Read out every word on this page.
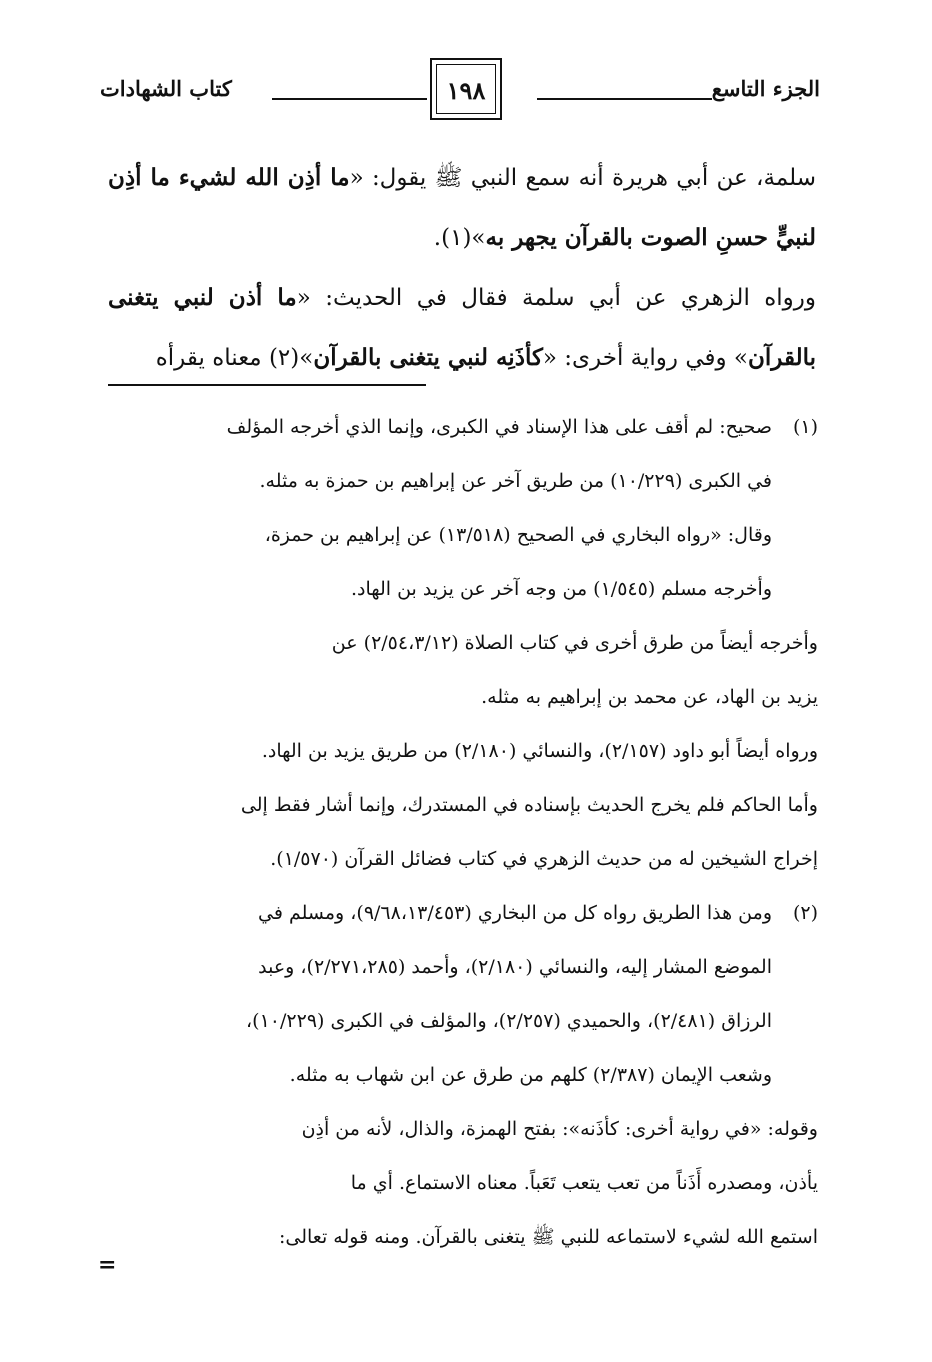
الجزء التاسع
١٩٨
كتاب الشهادات

سلمة، عن أبي هريرة أنه سمع النبي ﷺ يقول: «ما أذِن الله لشيء ما أذِن لنبيٍّ حسنِ الصوت بالقرآن يجهر به»(١).

ورواه الزهري عن أبي سلمة فقال في الحديث: «ما أذن لنبي يتغنى بالقرآن» وفي رواية أخرى: «كأذَنِه لنبي يتغنى بالقرآن»(٢) معناه يقرأه

(١)
صحيح: لم أقف على هذا الإسناد في الكبرى، وإنما الذي أخرجه المؤلف

في الكبرى (١٠/٢٢٩) من طريق آخر عن إبراهيم بن حمزة به مثله.

وقال: «رواه البخاري في الصحيح (١٣/٥١٨) عن إبراهيم بن حمزة،

وأخرجه مسلم (١/٥٤٥) من وجه آخر عن يزيد بن الهاد.

وأخرجه أيضاً من طرق أخرى في كتاب الصلاة (٢/٥٤،٣/١٢) عن

يزيد بن الهاد، عن محمد بن إبراهيم به مثله.

ورواه أيضاً أبو داود (٢/١٥٧)، والنسائي (٢/١٨٠) من طريق يزيد بن الهاد.

وأما الحاكم فلم يخرج الحديث بإسناده في المستدرك، وإنما أشار فقط إلى

إخراج الشيخين له من حديث الزهري في كتاب فضائل القرآن (١/٥٧٠).

(٢)
ومن هذا الطريق رواه كل من البخاري (٩/٦٨،١٣/٤٥٣)، ومسلم في

الموضع المشار إليه، والنسائي (٢/١٨٠)، وأحمد (٢/٢٧١،٢٨٥)، وعبد

الرزاق (٢/٤٨١)، والحميدي (٢/٢٥٧)، والمؤلف في الكبرى (١٠/٢٢٩)،

وشعب الإيمان (٢/٣٨٧) كلهم من طرق عن ابن شهاب به مثله.

وقوله: «في رواية أخرى: كأذَنه»: بفتح الهمزة، والذال، لأنه من أذِن

يأذن، ومصدره أَذَناً من تعب يتعب تَعَباً. معناه الاستماع. أي ما

استمع الله لشيء لاستماعه للنبي ﷺ يتغنى بالقرآن. ومنه قوله تعالى:

=
